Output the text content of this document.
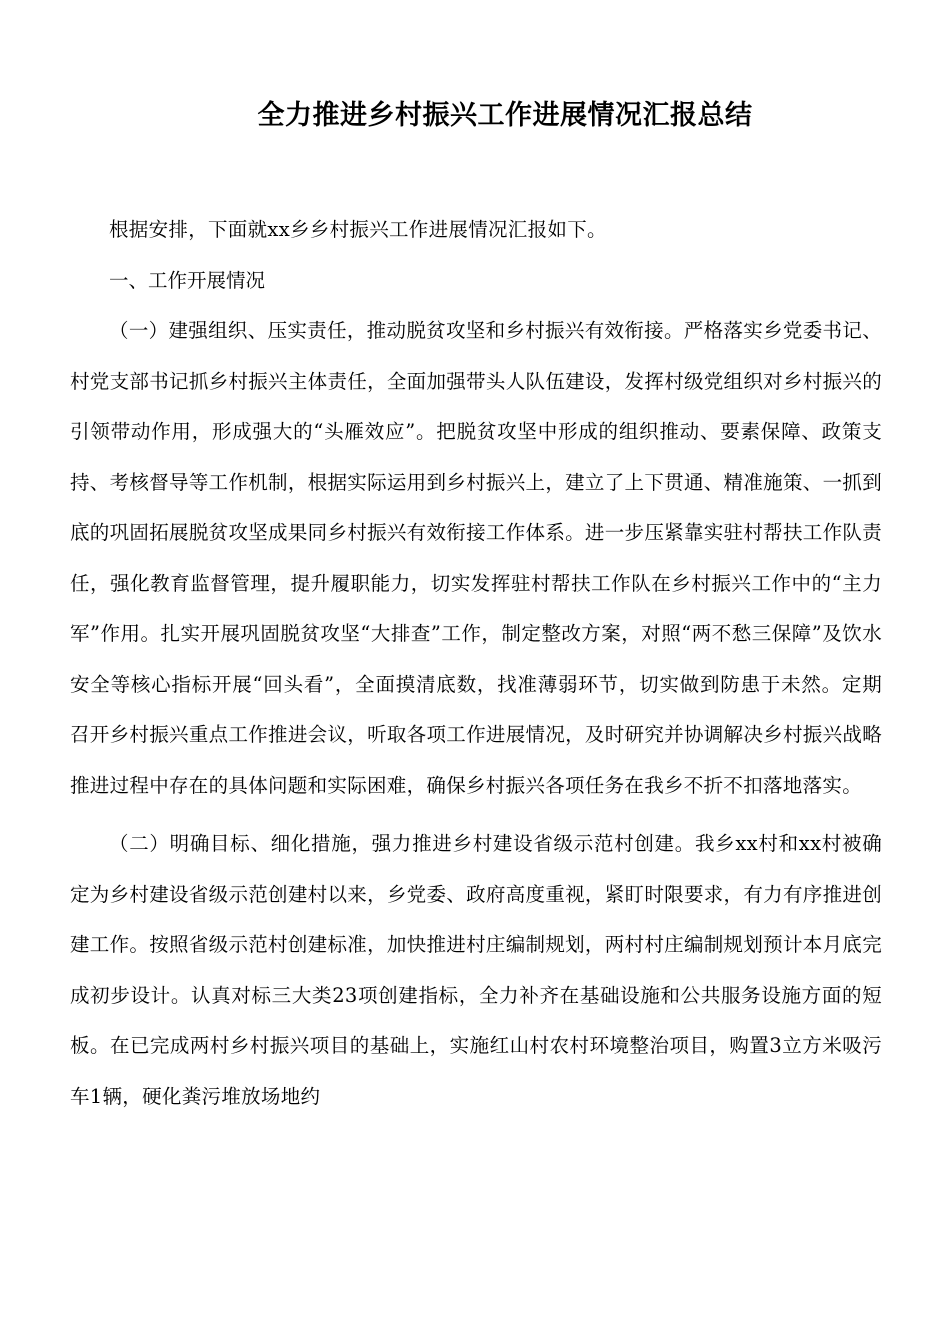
全力推进乡村振兴工作进展情况汇报总结

根据安排，下面就xx乡乡村振兴工作进展情况汇报如下。

一、工作开展情况

（一）建强组织、压实责任，推动脱贫攻坚和乡村振兴有效衔接。严格落实乡党委书记、村党支部书记抓乡村振兴主体责任，全面加强带头人队伍建设，发挥村级党组织对乡村振兴的引领带动作用，形成强大的“头雁效应”。把脱贫攻坚中形成的组织推动、要素保障、政策支持、考核督导等工作机制，根据实际运用到乡村振兴上，建立了上下贯通、精准施策、一抓到底的巩固拓展脱贫攻坚成果同乡村振兴有效衔接工作体系。进一步压紧靠实驻村帮扶工作队责任，强化教育监督管理，提升履职能力，切实发挥驻村帮扶工作队在乡村振兴工作中的“主力军”作用。扎实开展巩固脱贫攻坚“大排查”工作，制定整改方案，对照“两不愁三保障”及饮水安全等核心指标开展“回头看”，全面摸清底数，找准薄弱环节，切实做到防患于未然。定期召开乡村振兴重点工作推进会议，听取各项工作进展情况，及时研究并协调解决乡村振兴战略推进过程中存在的具体问题和实际困难，确保乡村振兴各项任务在我乡不折不扣落地落实。

（二）明确目标、细化措施，强力推进乡村建设省级示范村创建。我乡xx村和xx村被确定为乡村建设省级示范创建村以来，乡党委、政府高度重视，紧盯时限要求，有力有序推进创建工作。按照省级示范村创建标准，加快推进村庄编制规划，两村村庄编制规划预计本月底完成初步设计。认真对标三大类23项创建指标，全力补齐在基础设施和公共服务设施方面的短板。在已完成两村乡村振兴项目的基础上，实施红山村农村环境整治项目，购置3立方米吸污车1辆，硬化粪污堆放场地约
